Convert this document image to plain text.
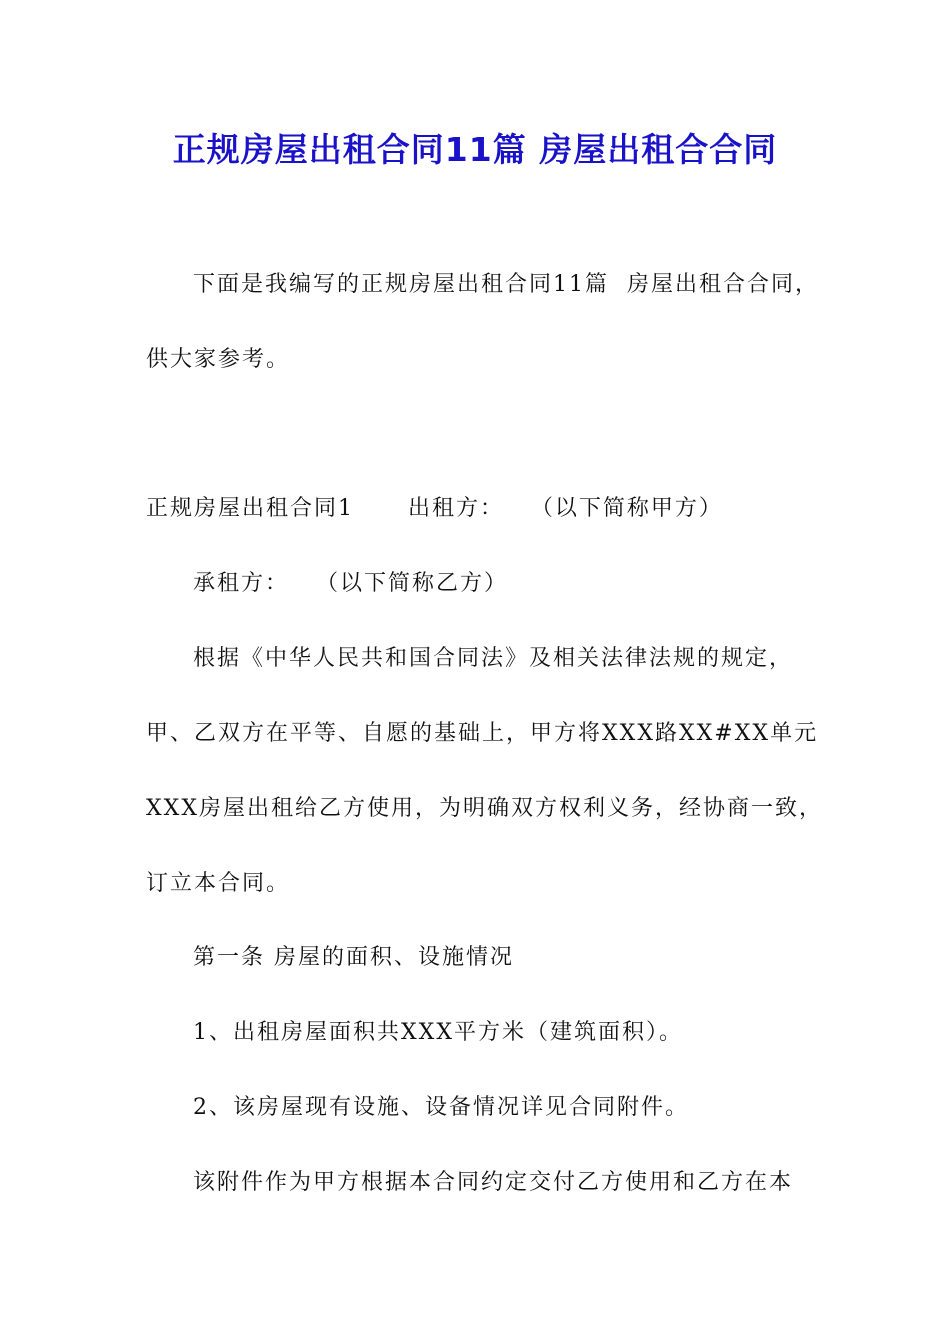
正规房屋出租合同11篇 房屋出租合合同
下面是我编写的正规房屋出租合同11篇  房屋出租合合同，
供大家参考。
正规房屋出租合同1      出租方：   （以下简称甲方）
承租方：   （以下简称乙方）
根据《中华人民共和国合同法》及相关法律法规的规定，
甲、乙双方在平等、自愿的基础上，甲方将XXX路XX#XX单元
XXX房屋出租给乙方使用，为明确双方权利义务，经协商一致，
订立本合同。
第一条 房屋的面积、设施情况
1、出租房屋面积共XXX平方米（建筑面积）。
2、该房屋现有设施、设备情况详见合同附件。
该附件作为甲方根据本合同约定交付乙方使用和乙方在本
